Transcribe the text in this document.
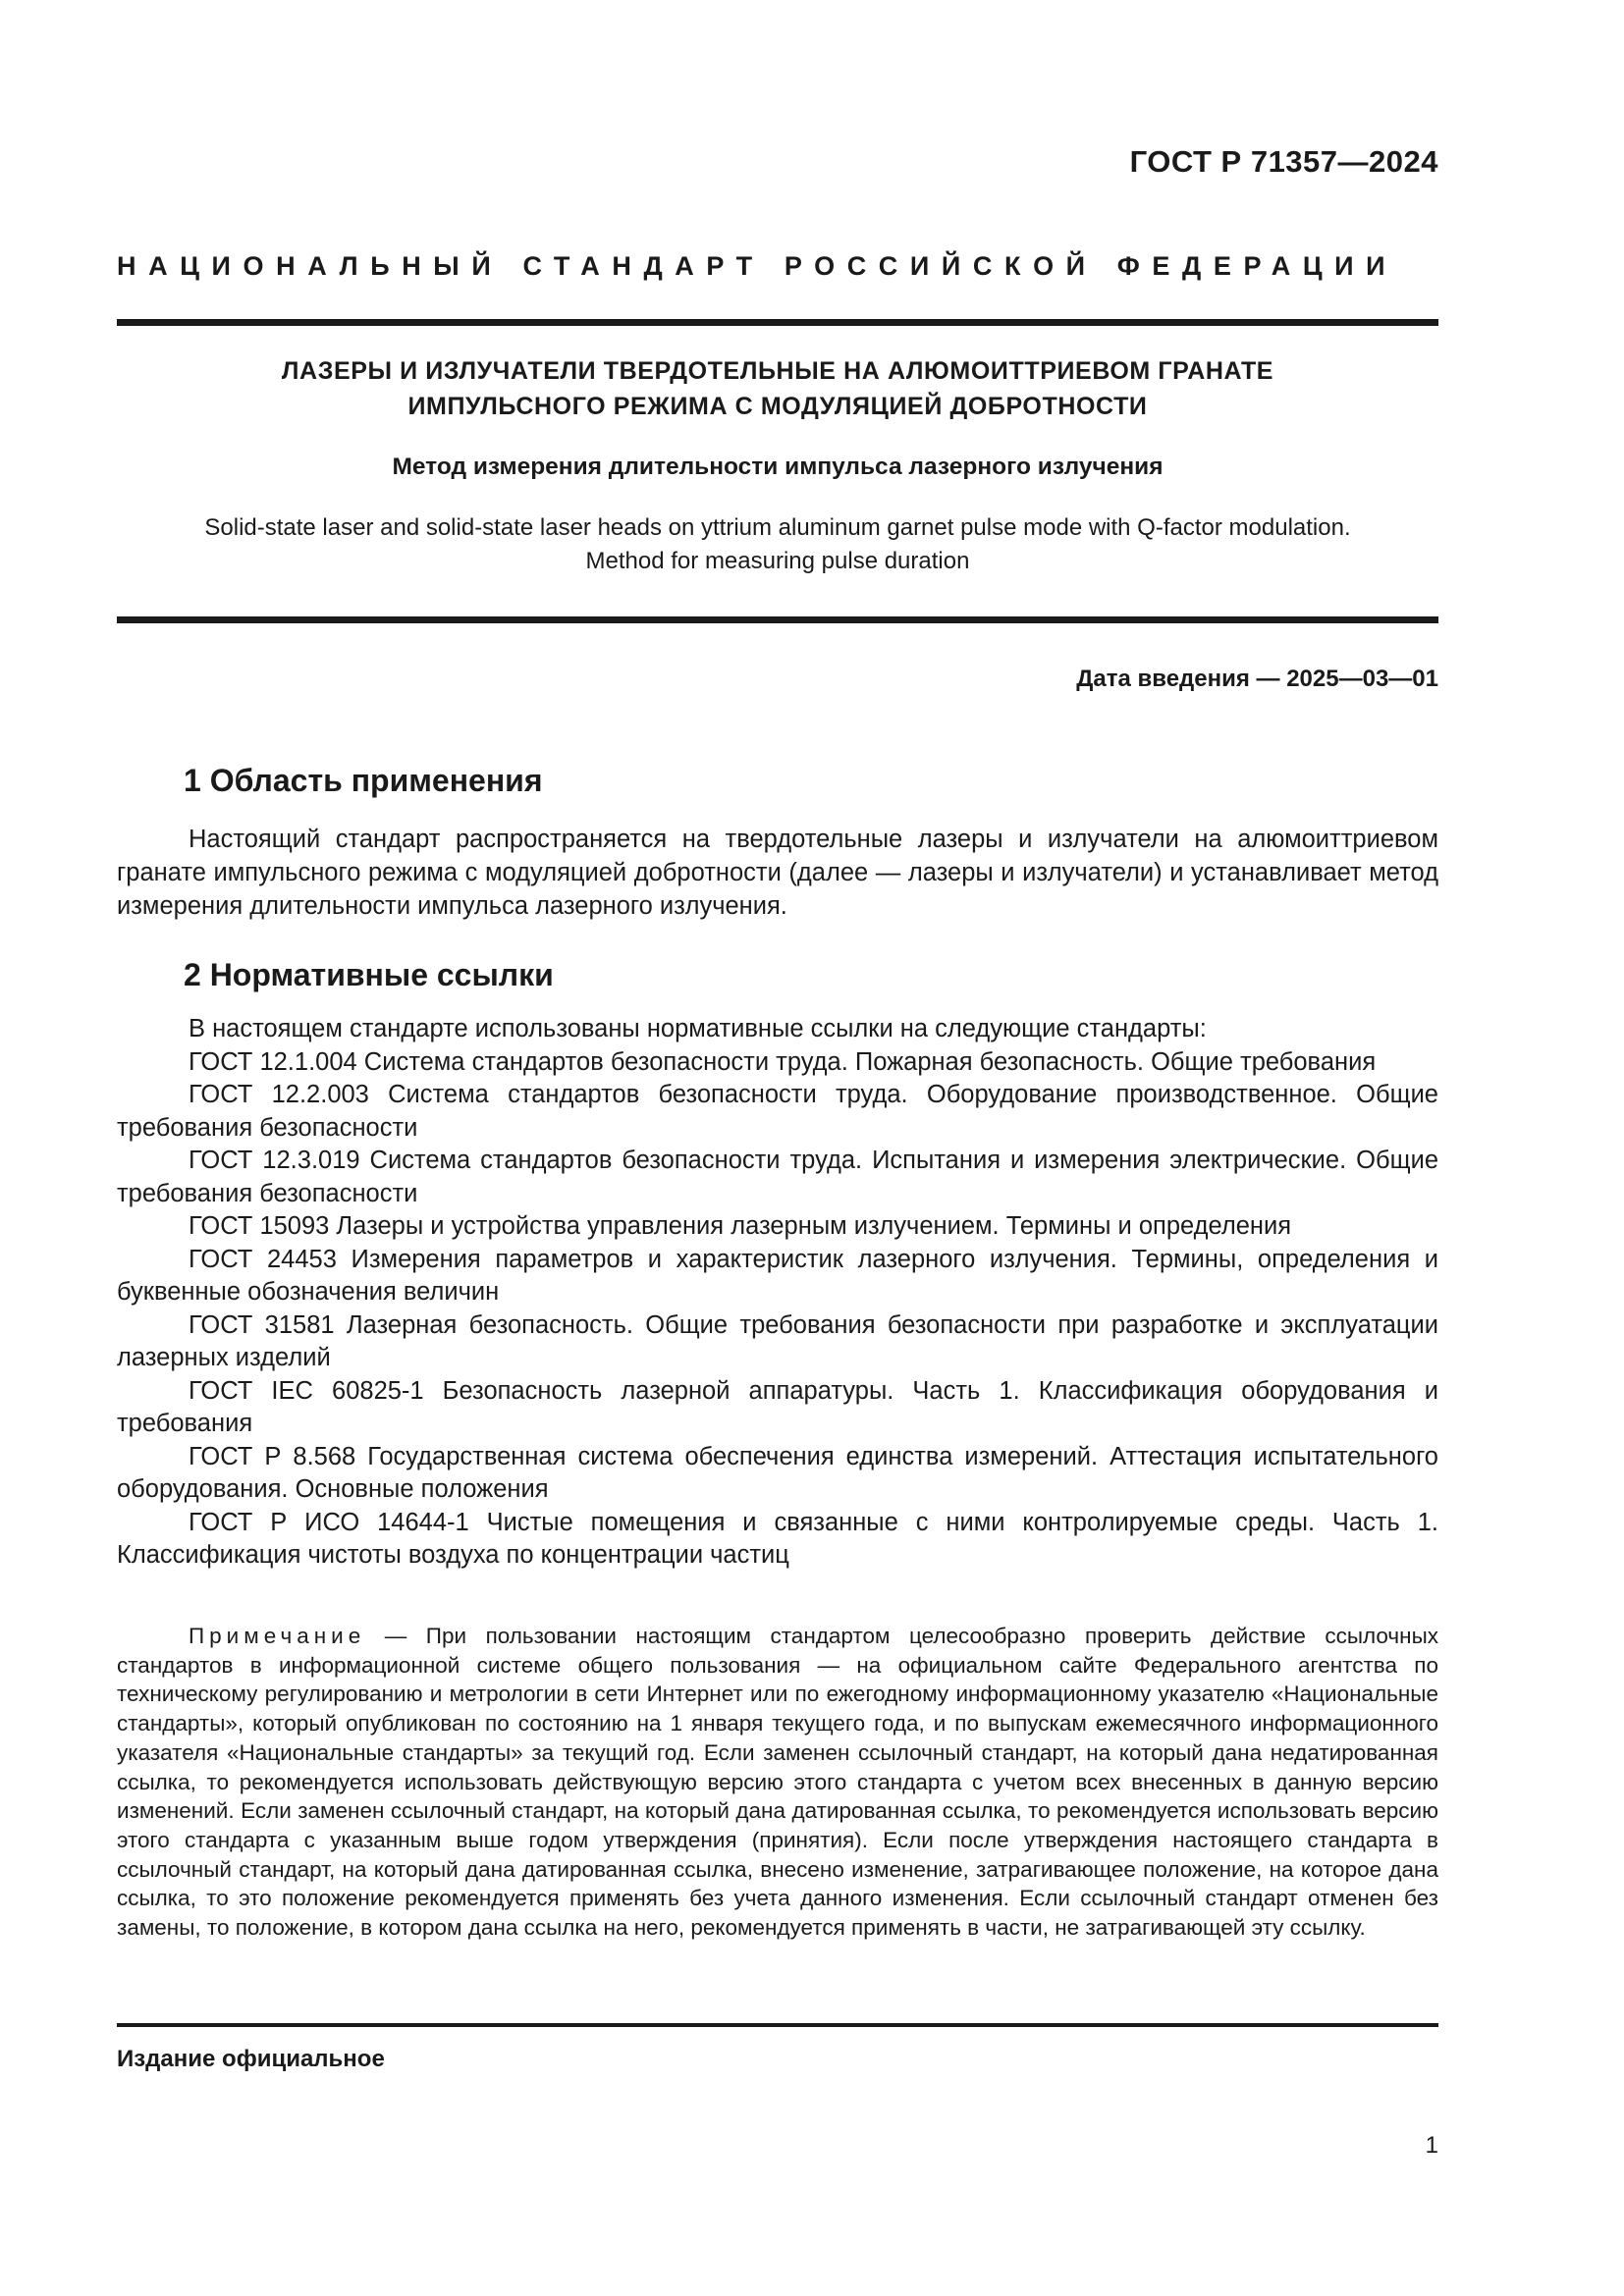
ГОСТ Р 71357—2024
НАЦИОНАЛЬНЫЙ СТАНДАРТ РОССИЙСКОЙ ФЕДЕРАЦИИ
ЛАЗЕРЫ И ИЗЛУЧАТЕЛИ ТВЕРДОТЕЛЬНЫЕ НА АЛЮМОИТТРИЕВОМ ГРАНАТЕ
ИМПУЛЬСНОГО РЕЖИМА С МОДУЛЯЦИЕЙ ДОБРОТНОСТИ
Метод измерения длительности импульса лазерного излучения
Solid-state laser and solid-state laser heads on yttrium aluminum garnet pulse mode with Q-factor modulation.
Method for measuring pulse duration
Дата введения — 2025—03—01
1 Область применения
Настоящий стандарт распространяется на твердотельные лазеры и излучатели на алюмоиттриевом гранате импульсного режима с модуляцией добротности (далее — лазеры и излучатели) и устанавливает метод измерения длительности импульса лазерного излучения.
2 Нормативные ссылки

В настоящем стандарте использованы нормативные ссылки на следующие стандарты:

ГОСТ 12.1.004 Система стандартов безопасности труда. Пожарная безопасность. Общие требования

ГОСТ 12.2.003 Система стандартов безопасности труда. Оборудование производственное. Общие требования безопасности

ГОСТ 12.3.019 Система стандартов безопасности труда. Испытания и измерения электрические. Общие требования безопасности

ГОСТ 15093 Лазеры и устройства управления лазерным излучением. Термины и определения

ГОСТ 24453 Измерения параметров и характеристик лазерного излучения. Термины, определения и буквенные обозначения величин

ГОСТ 31581 Лазерная безопасность. Общие требования безопасности при разработке и эксплуатации лазерных изделий

ГОСТ IEC 60825-1 Безопасность лазерной аппаратуры. Часть 1. Классификация оборудования и требования

ГОСТ Р 8.568 Государственная система обеспечения единства измерений. Аттестация испытательного оборудования. Основные положения

ГОСТ Р ИСО 14644-1 Чистые помещения и связанные с ними контролируемые среды. Часть 1. Классификация чистоты воздуха по концентрации частиц

Примечание — При пользовании настоящим стандартом целесообразно проверить действие ссылочных стандартов в информационной системе общего пользования — на официальном сайте Федерального агентства по техническому регулированию и метрологии в сети Интернет или по ежегодному информационному указателю «Национальные стандарты», который опубликован по состоянию на 1 января текущего года, и по выпускам ежемесячного информационного указателя «Национальные стандарты» за текущий год. Если заменен ссылочный стандарт, на который дана недатированная ссылка, то рекомендуется использовать действующую версию этого стандарта с учетом всех внесенных в данную версию изменений. Если заменен ссылочный стандарт, на который дана датированная ссылка, то рекомендуется использовать версию этого стандарта с указанным выше годом утверждения (принятия). Если после утверждения настоящего стандарта в ссылочный стандарт, на который дана датированная ссылка, внесено изменение, затрагивающее положение, на которое дана ссылка, то это положение рекомендуется применять без учета данного изменения. Если ссылочный стандарт отменен без замены, то положение, в котором дана ссылка на него, рекомендуется применять в части, не затрагивающей эту ссылку.
Издание официальное
1
